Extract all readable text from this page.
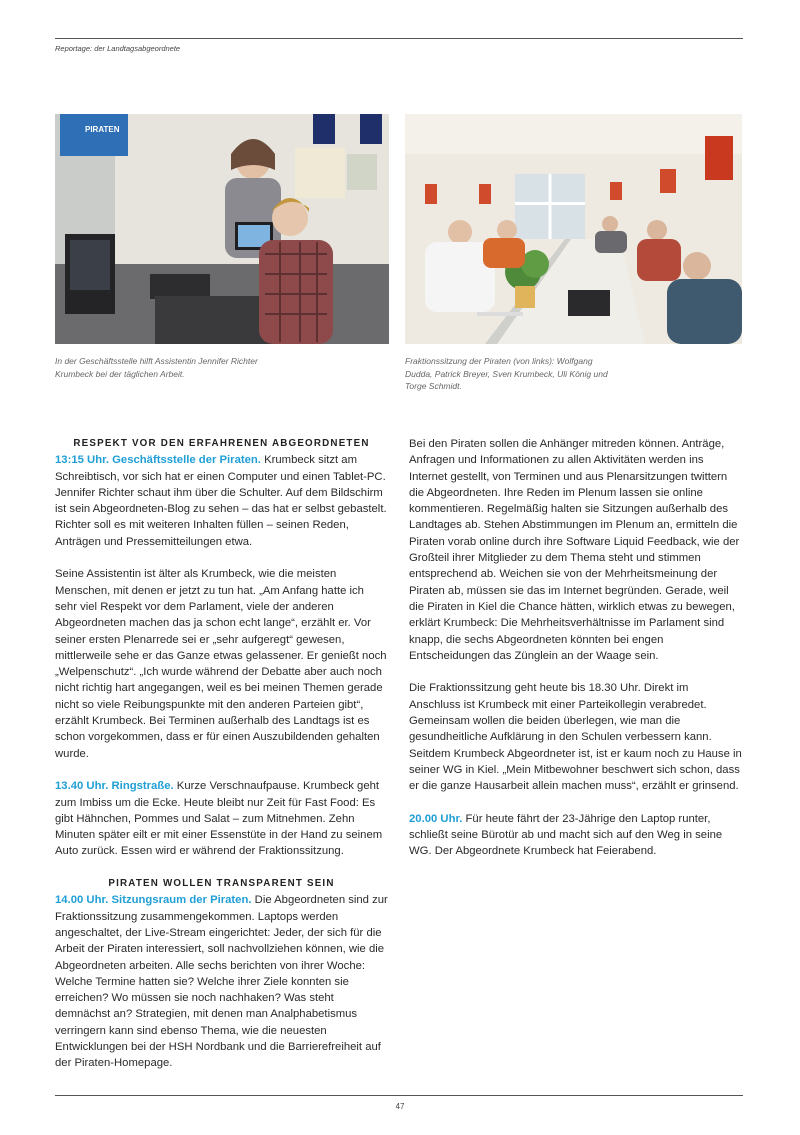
Reportage: der Landtagsabgeordnete
PIRATEN
In der Geschäftsstelle hilft Assistentin Jennifer Richter
Krumbeck bei der täglichen Arbeit.
Fraktionssitzung der Piraten (von links): Wolfgang
Dudda, Patrick Breyer, Sven Krumbeck, Uli König und
Torge Schmidt.
RESPEKT VOR DEN ERFAHRENEN ABGEORDNETEN

13:15 Uhr. Geschäftsstelle der Piraten. Krumbeck sitzt am Schreibtisch, vor sich hat er einen Computer und einen Tablet-PC. Jennifer Richter schaut ihm über die Schulter. Auf dem Bildschirm ist sein Abgeordneten-Blog zu sehen – das hat er selbst gebastelt. Richter soll es mit weiteren Inhalten füllen – seinen Reden, Anträgen und Pressemitteilungen etwa.

Seine Assistentin ist älter als Krumbeck, wie die meisten Menschen, mit denen er jetzt zu tun hat. „Am Anfang hatte ich sehr viel Respekt vor dem Parlament, viele der anderen Abgeordneten machen das ja schon echt lange“, erzählt er. Vor seiner ersten Plenarrede sei er „sehr aufgeregt“ gewesen, mittlerweile sehe er das Ganze etwas gelassener. Er genießt noch „Welpenschutz“. „Ich wurde während der Debatte aber auch noch nicht richtig hart angegangen, weil es bei meinen Themen gerade nicht so viele Reibungspunkte mit den anderen Parteien gibt“, erzählt Krumbeck. Bei Terminen außerhalb des Landtags ist es schon vorgekommen, dass er für einen Auszubildenden gehalten wurde.

13.40 Uhr. Ringstraße. Kurze Verschnaufpause. Krumbeck geht zum Imbiss um die Ecke. Heute bleibt nur Zeit für Fast Food: Es gibt Hähnchen, Pommes und Salat – zum Mitnehmen. Zehn Minuten später eilt er mit einer Essenstüte in der Hand zu seinem Auto zurück. Essen wird er während der Fraktionssitzung.

PIRATEN WOLLEN TRANSPARENT SEIN

14.00 Uhr. Sitzungsraum der Piraten. Die Abgeordneten sind zur Fraktionssitzung zusammengekommen. Laptops werden angeschaltet, der Live-Stream eingerichtet: Jeder, der sich für die Arbeit der Piraten interessiert, soll nachvollziehen können, wie die Abgeordneten arbeiten. Alle sechs berichten von ihrer Woche: Welche Termine hatten sie? Welche ihrer Ziele konnten sie erreichen? Wo müssen sie noch nachhaken? Was steht demnächst an? Strategien, mit denen man Analphabetismus verringern kann sind ebenso Thema, wie die neuesten Entwicklungen bei der HSH Nordbank und die Barrierefreiheit auf der Piraten-Homepage.

Bei den Piraten sollen die Anhänger mitreden können. Anträge, Anfragen und Informationen zu allen Aktivitäten werden ins Internet gestellt, von Terminen und aus Plenarsitzungen twittern die Abgeordneten. Ihre Reden im Plenum lassen sie online kommentieren. Regelmäßig halten sie Sitzungen außerhalb des Landtages ab. Stehen Abstimmungen im Plenum an, ermitteln die Piraten vorab online durch ihre Software Liquid Feedback, wie der Großteil ihrer Mitglieder zu dem Thema steht und stimmen entsprechend ab. Weichen sie von der Mehrheitsmeinung der Piraten ab, müssen sie das im Internet begründen. Gerade, weil die Piraten in Kiel die Chance hätten, wirklich etwas zu bewegen, erklärt Krumbeck: Die Mehrheitsverhältnisse im Parlament sind knapp, die sechs Abgeordneten könnten bei engen Entscheidungen das Zünglein an der Waage sein.

Die Fraktionssitzung geht heute bis 18.30 Uhr. Direkt im Anschluss ist Krumbeck mit einer Parteikollegin verabredet. Gemeinsam wollen die beiden überlegen, wie man die gesundheitliche Aufklärung in den Schulen verbessern kann. Seitdem Krumbeck Abgeordneter ist, ist er kaum noch zu Hause in seiner WG in Kiel. „Mein Mitbewohner beschwert sich schon, dass er die ganze Hausarbeit allein machen muss“, erzählt er grinsend.

20.00 Uhr. Für heute fährt der 23-Jährige den Laptop runter, schließt seine Bürotür ab und macht sich auf den Weg in seine WG. Der Abgeordnete Krumbeck hat Feierabend.

47
